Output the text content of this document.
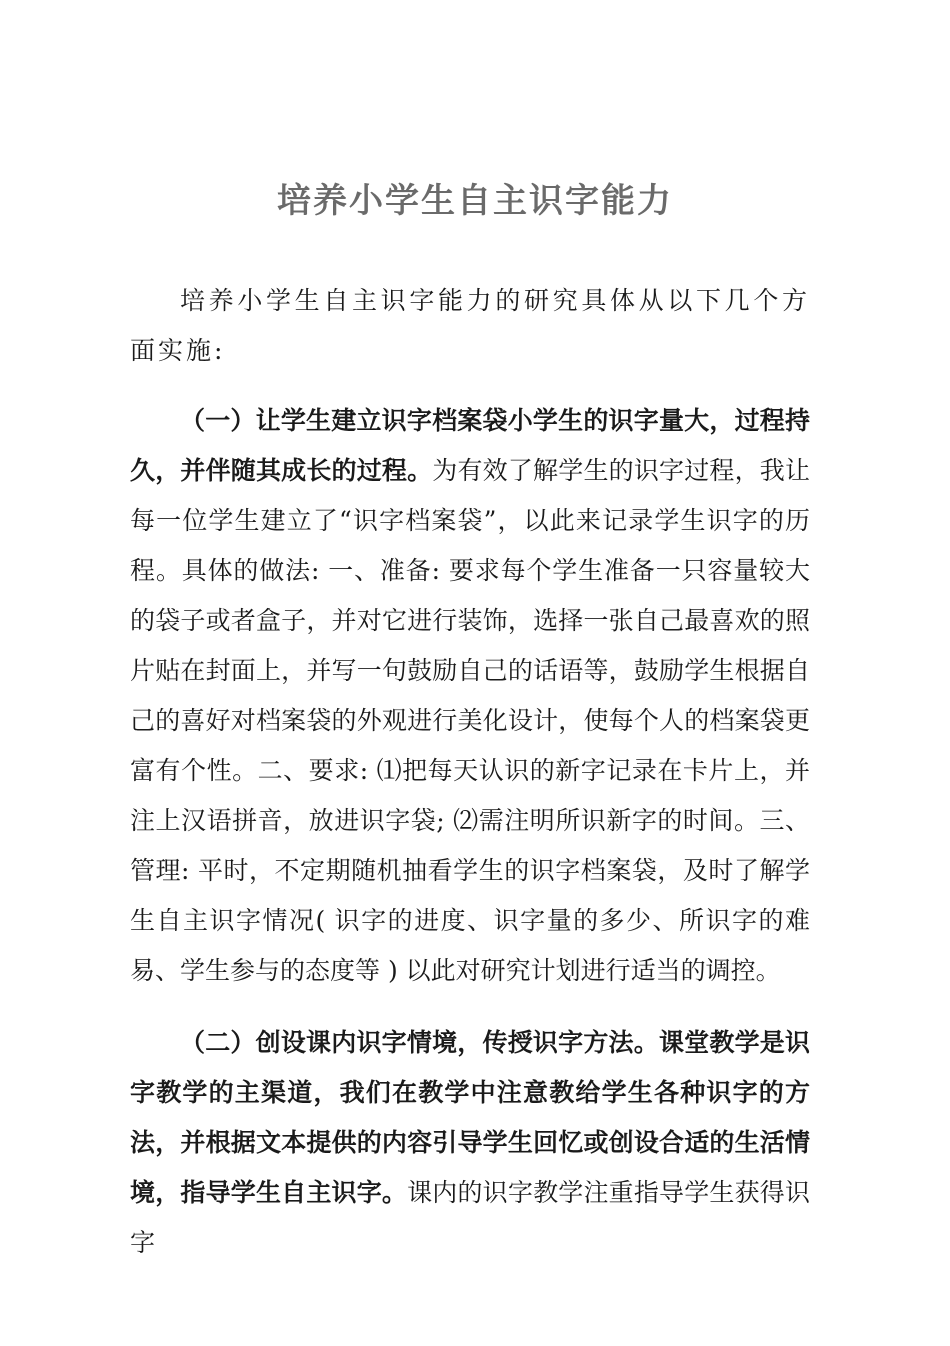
培养小学生自主识字能力

培养小学生自主识字能力的研究具体从以下几个方面实施:

（一）让学生建立识字档案袋小学生的识字量大，过程持久，并伴随其成长的过程。为有效了解学生的识字过程，我让每一位学生建立了“识字档案袋”，以此来记录学生识字的历程。具体的做法: 一、准备: 要求每个学生准备一只容量较大的袋子或者盒子，并对它进行装饰，选择一张自己最喜欢的照片贴在封面上，并写一句鼓励自己的话语等，鼓励学生根据自己的喜好对档案袋的外观进行美化设计，使每个人的档案袋更富有个性。二、要求: ⑴把每天认识的新字记录在卡片上，并注上汉语拼音，放进识字袋; ⑵需注明所识新字的时间。三、管理: 平时，不定期随机抽看学生的识字档案袋，及时了解学生自主识字情况( 识字的进度、识字量的多少、所识字的难易、学生参与的态度等 ) 以此对研究计划进行适当的调控。

（二）创设课内识字情境，传授识字方法。课堂教学是识字教学的主渠道，我们在教学中注意教给学生各种识字的方法，并根据文本提供的内容引导学生回忆或创设合适的生活情境，指导学生自主识字。课内的识字教学注重指导学生获得识字
